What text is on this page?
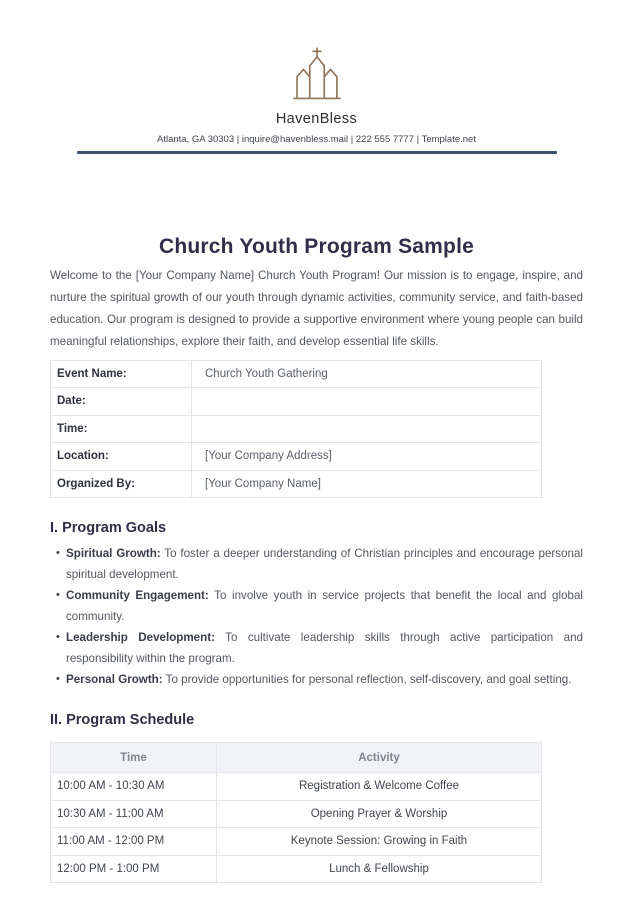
HavenBless
Atlanta, GA 30303 | inquire@havenbless.mail | 222 555 7777 | Template.net
Church Youth Program Sample

Welcome to the [Your Company Name] Church Youth Program! Our mission is to engage, inspire, and nurture the spiritual growth of our youth through dynamic activities, community service, and faith-based education. Our program is designed to provide a supportive environment where young people can build meaningful relationships, explore their faith, and develop essential life skills.

Event Name:	Church Youth Gathering
Date:	
Time:	
Location:	[Your Company Address]
Organized By:	[Your Company Name]
I. Program Goals
• Spiritual Growth: To foster a deeper understanding of Christian principles and encourage personal spiritual development.
• Community Engagement: To involve youth in service projects that benefit the local and global community.
• Leadership Development: To cultivate leadership skills through active participation and responsibility within the program.
• Personal Growth: To provide opportunities for personal reflection, self-discovery, and goal setting.
II. Program Schedule
Time	Activity
10:00 AM - 10:30 AM	Registration & Welcome Coffee
10:30 AM - 11:00 AM	Opening Prayer & Worship
11:00 AM - 12:00 PM	Keynote Session: Growing in Faith
12:00 PM - 1:00 PM	Lunch & Fellowship
